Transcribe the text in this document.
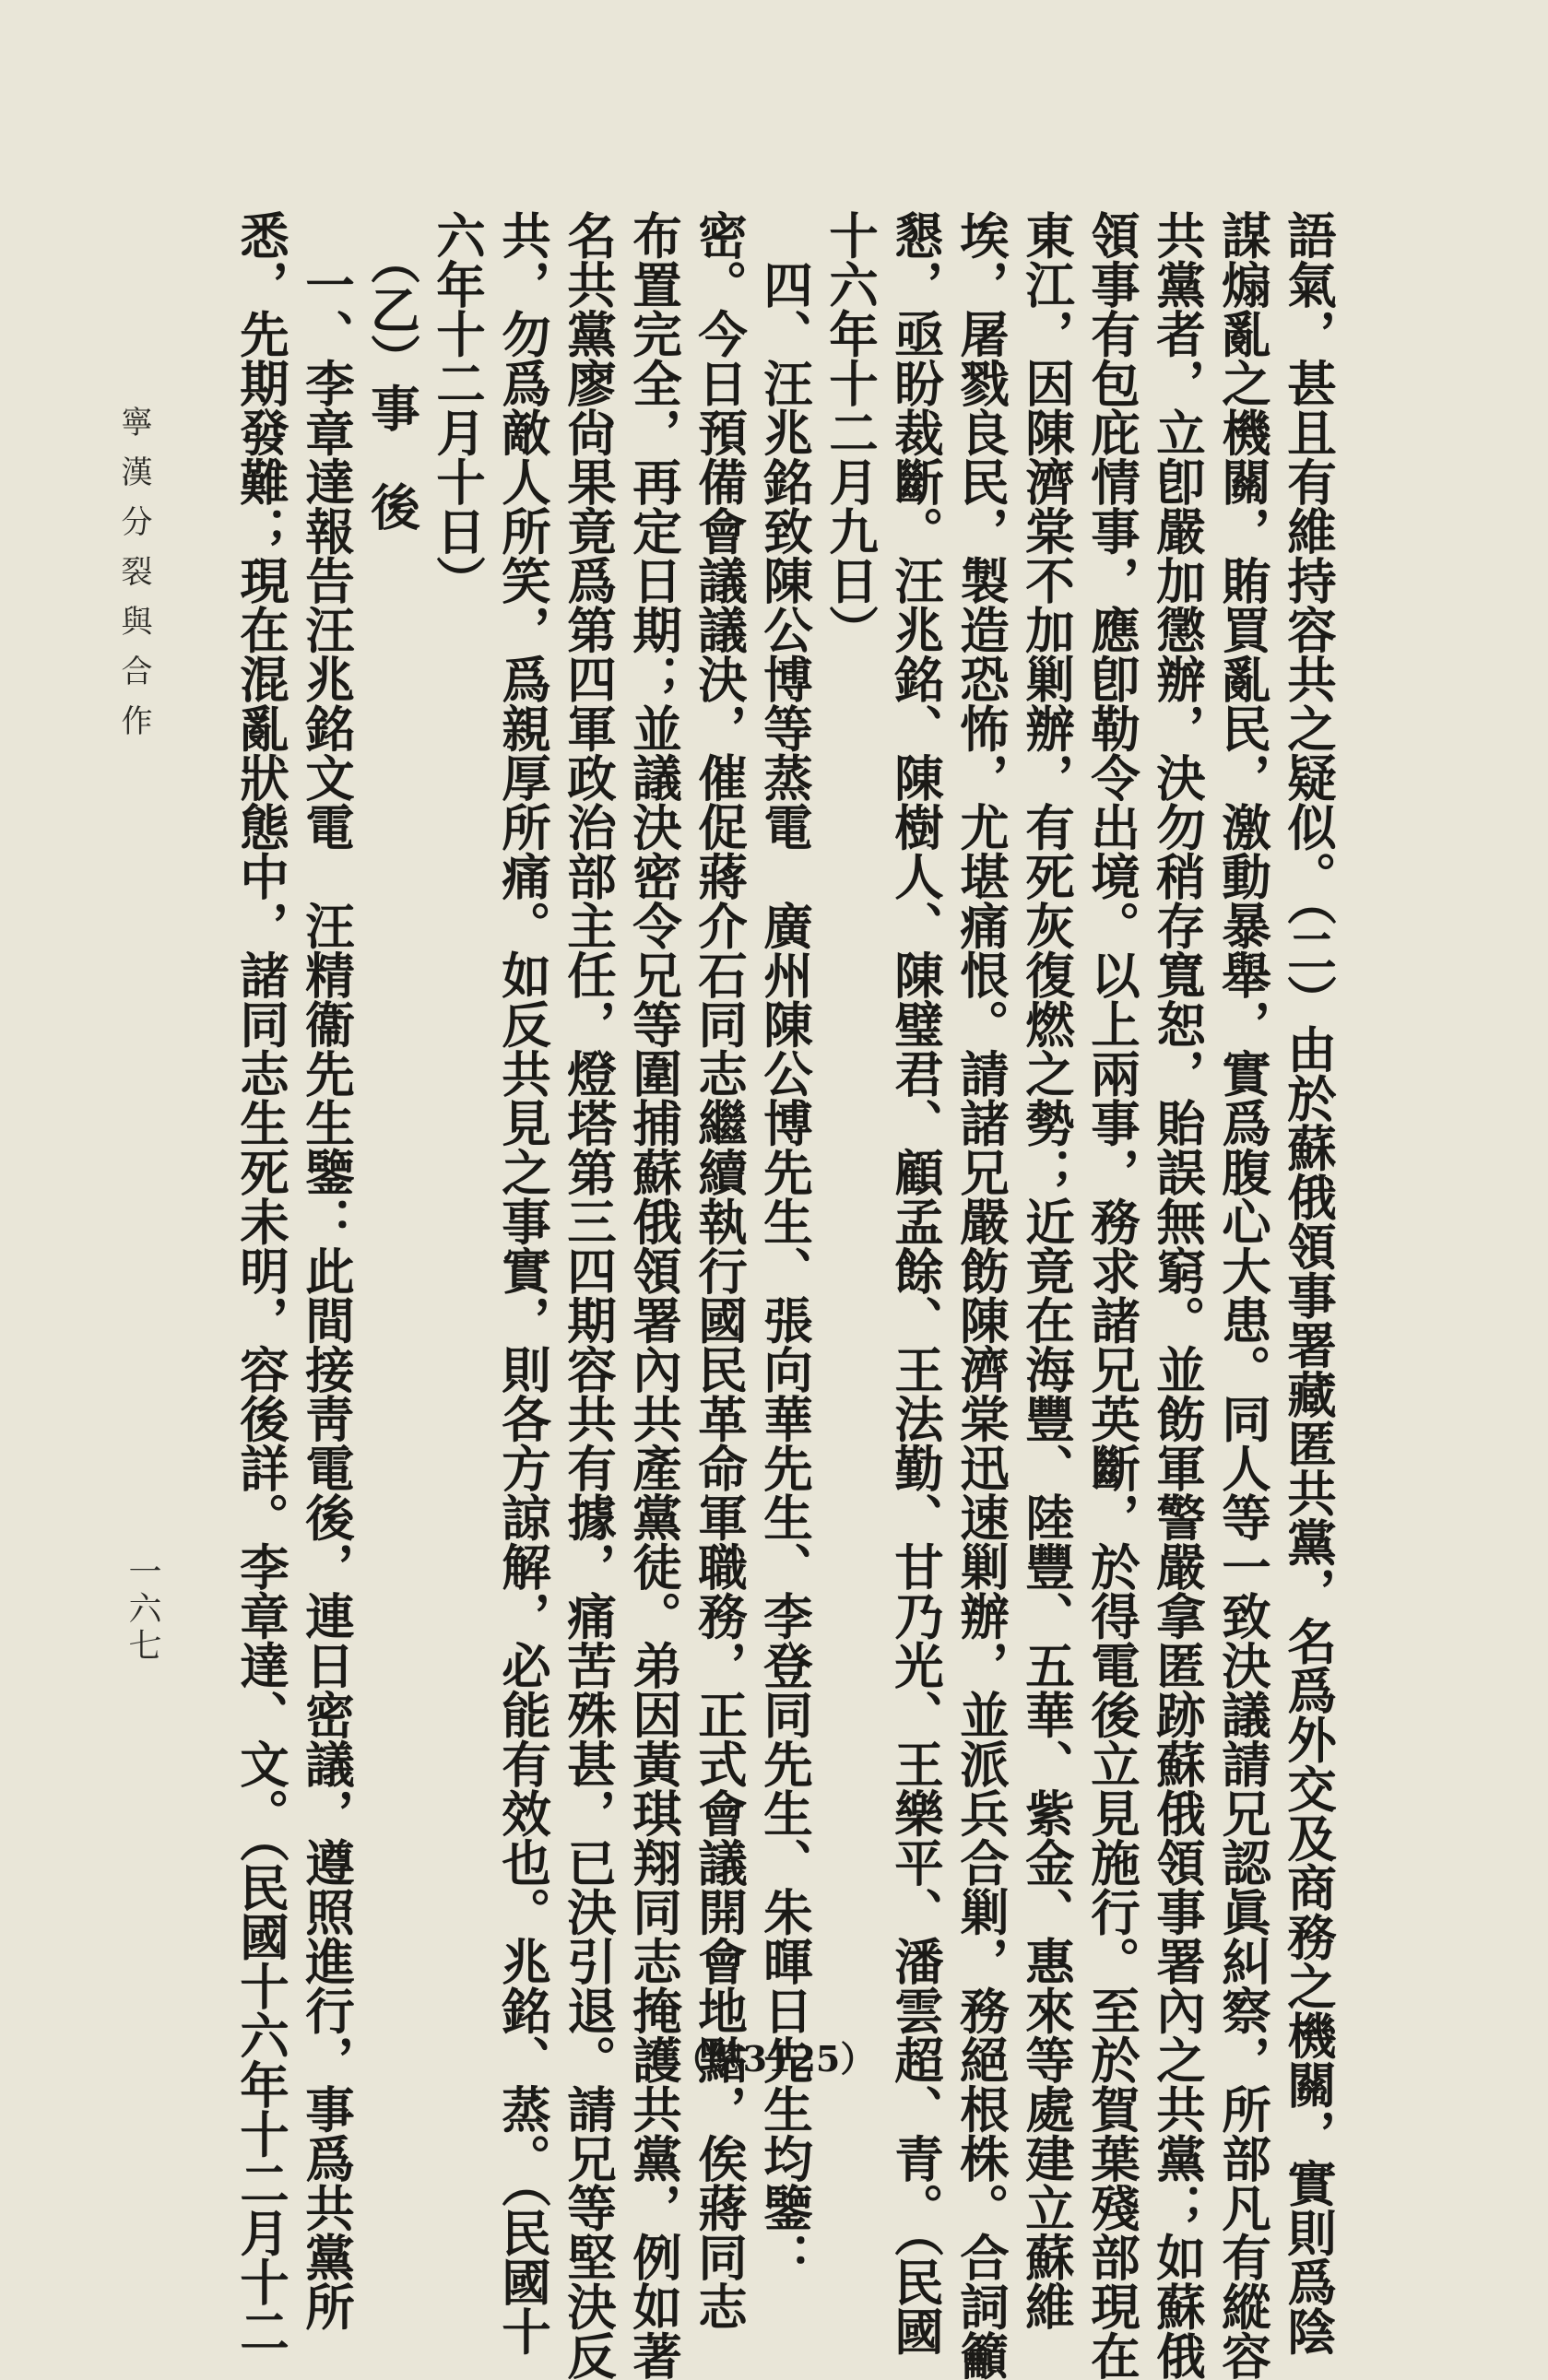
語氣，甚且有維持容共之疑似。（二）由於蘇俄領事署藏匿共黨，名爲外交及商務之機關，實則爲陰
謀煽亂之機關，賄買亂民，激動暴舉，實爲腹心大患。同人等一致決議請兄認眞糾察，所部凡有縱容
共黨者，立卽嚴加懲辦，決勿稍存寬恕，貽誤無窮。並飭軍警嚴拿匿跡蘇俄領事署內之共黨；如蘇俄
領事有包庇情事，應卽勒令出境。以上兩事，務求諸兄英斷，於得電後立見施行。至於賀葉殘部現在
東江，因陳濟棠不加剿辦，有死灰復燃之勢；近竟在海豐、陸豐、五華、紫金、惠來等處建立蘇維
埃，屠戮良民，製造恐怖，尤堪痛恨。請諸兄嚴飭陳濟棠迅速剿辦，並派兵合剿，務絕根株。合詞籲
懇，亟盼裁斷。汪兆銘、陳樹人、陳璧君、顧孟餘、王法勤、甘乃光、王樂平、潘雲超、青。（民國
十六年十二月九日）
　四、汪兆銘致陳公博等蒸電　廣州陳公博先生、張向華先生、李登同先生、朱暉日先生均鑒：
密。今日預備會議議決，催促蔣介石同志繼續執行國民革命軍職務，正式會議開會地點，俟蔣同志
布置完全，再定日期；並議決密令兄等圍捕蘇俄領署內共產黨徒。弟因黃琪翔同志掩護共黨，例如著
名共黨廖尙果竟爲第四軍政治部主任，燈塔第三四期容共有據，痛苦殊甚，已決引退。請兄等堅決反
共，勿爲敵人所笑，爲親厚所痛。如反共見之事實，則各方諒解，必能有效也。兆銘、蒸。（民國十
六年十二月十日）
　（乙）事　後
　一、李章達報告汪兆銘文電　汪精衞先生鑒：此間接靑電後，連日密議，遵照進行，事爲共黨所
悉，先期發難；現在混亂狀態中，諸同志生死未明，容後詳。李章達、文。（民國十六年十二月十二	（總3125）
寧漢分裂與合作
一六七
